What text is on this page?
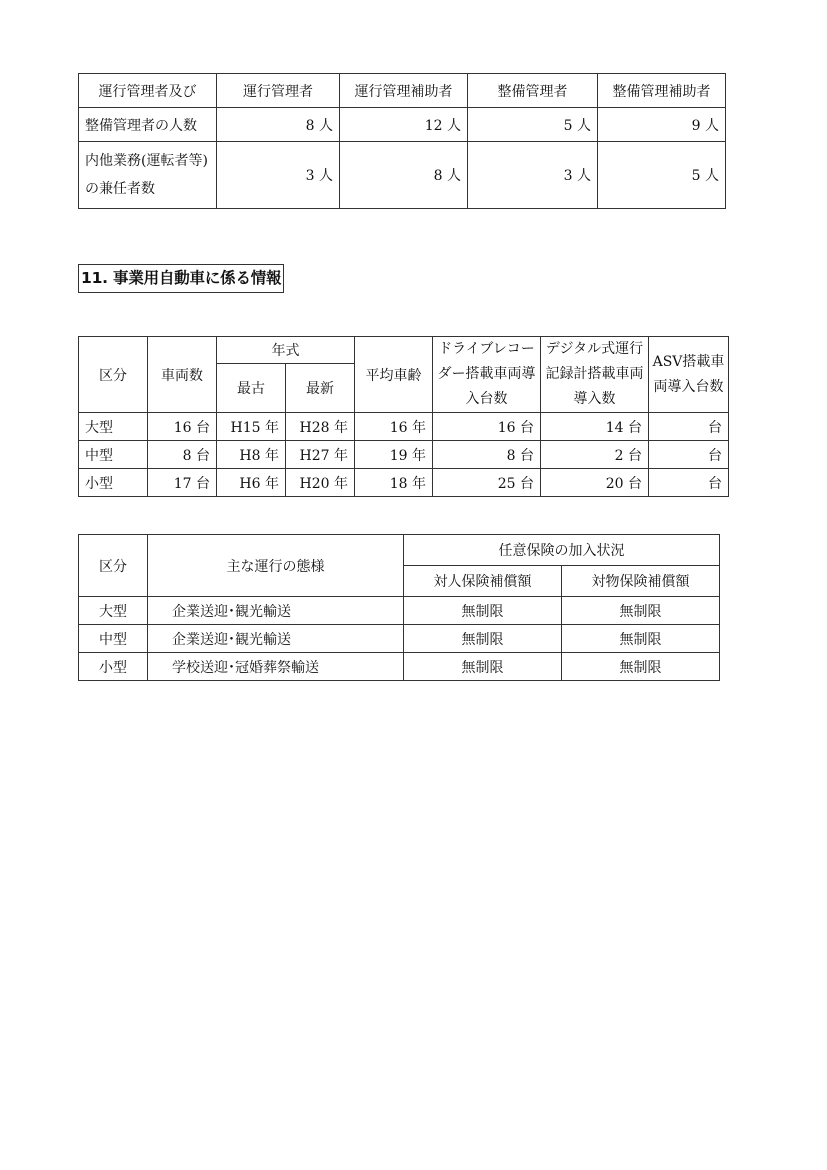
運行管理者及び	運行管理者	運行管理補助者	整備管理者	整備管理補助者
整備管理者の人数	8 人	12 人	5 人	9 人
内他業務(運転者等)の兼任者数	3 人	8 人	3 人	5 人
11. 事業用自動車に係る情報
区分	車両数	年式		平均車齢	ドライブレコーダー搭載車両導入台数	デジタル式運行記録計搭載車両導入数	ASV搭載車両導入台数
		最古	最新				

大型	16 台	H15 年	H28 年	16 年	16 台	14 台	台
中型	8 台	H8 年	H27 年	19 年	8 台	2 台	台
小型	17 台	H6 年	H20 年	18 年	25 台	20 台	台
区分	主な運行の態様	任意保険の加入状況	
		対人保険補償額	対物保険補償額
大型	企業送迎･観光輸送	無制限	無制限
中型	企業送迎･観光輸送	無制限	無制限
小型	学校送迎･冠婚葬祭輸送	無制限	無制限
